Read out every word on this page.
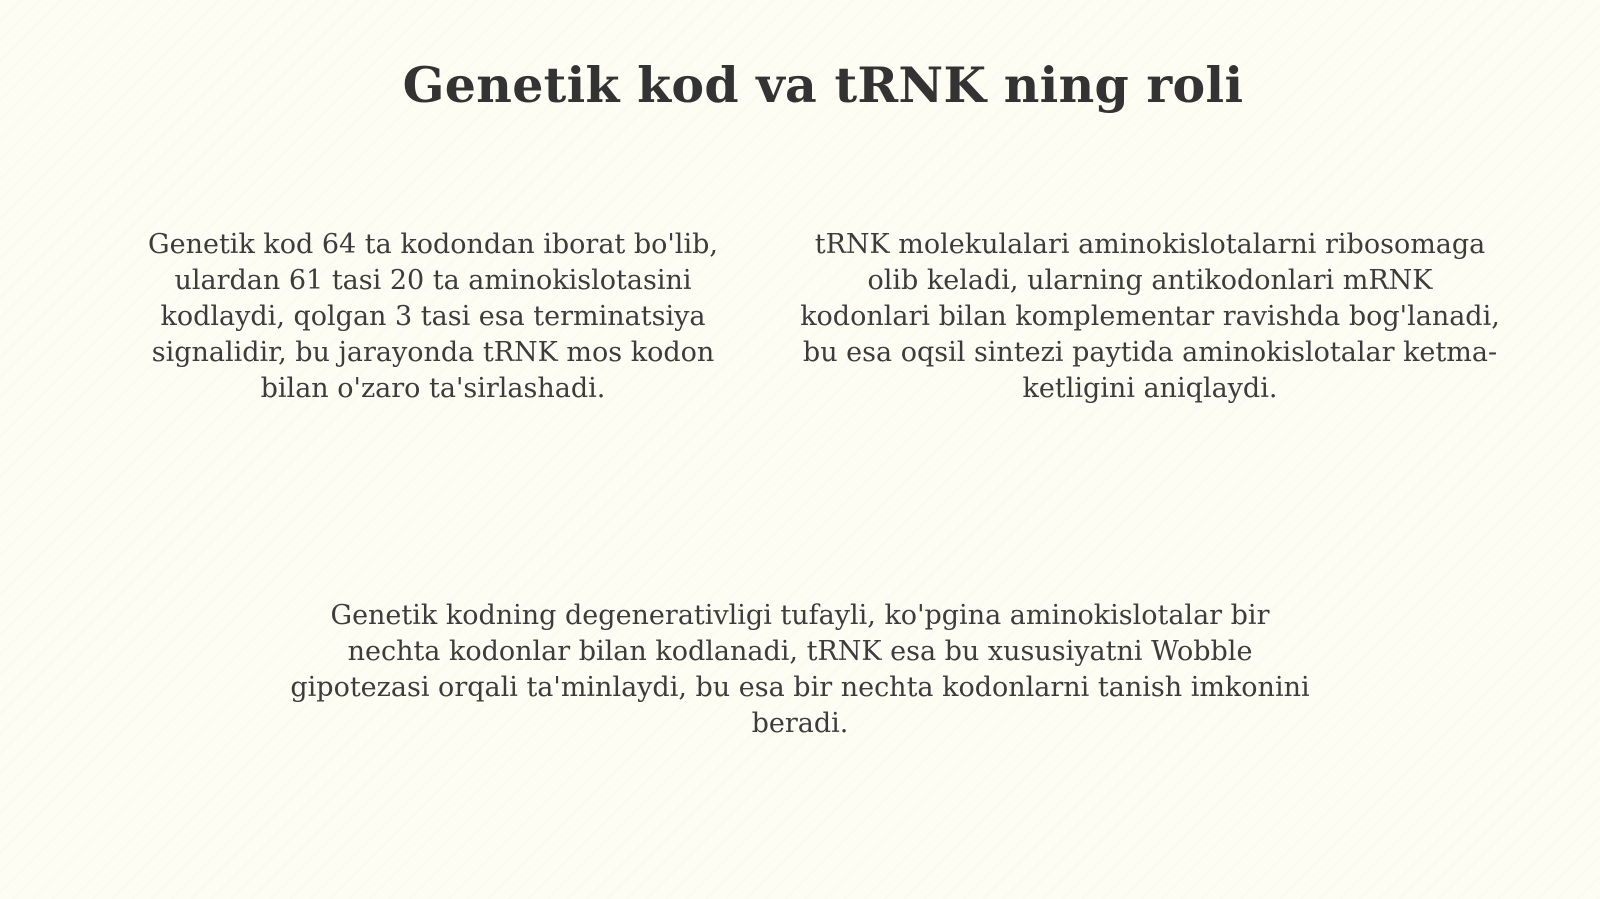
Genetik kod va tRNK ning roli

Genetik kod 64 ta kodondan iborat bo'lib, ulardan 61 tasi 20 ta aminokislotasini kodlaydi, qolgan 3 tasi esa terminatsiya signalidir, bu jarayonda tRNK mos kodon bilan o'zaro ta'sirlashadi.

tRNK molekulalari aminokislotalarni ribosomaga olib keladi, ularning antikodonlari mRNK kodonlari bilan komplementar ravishda bog'lanadi, bu esa oqsil sintezi paytida aminokislotalar ketma-ketligini aniqlaydi.

Genetik kodning degenerativligi tufayli, ko'pgina aminokislotalar bir nechta kodonlar bilan kodlanadi, tRNK esa bu xususiyatni Wobble gipotezasi orqali ta'minlaydi, bu esa bir nechta kodonlarni tanish imkonini beradi.
